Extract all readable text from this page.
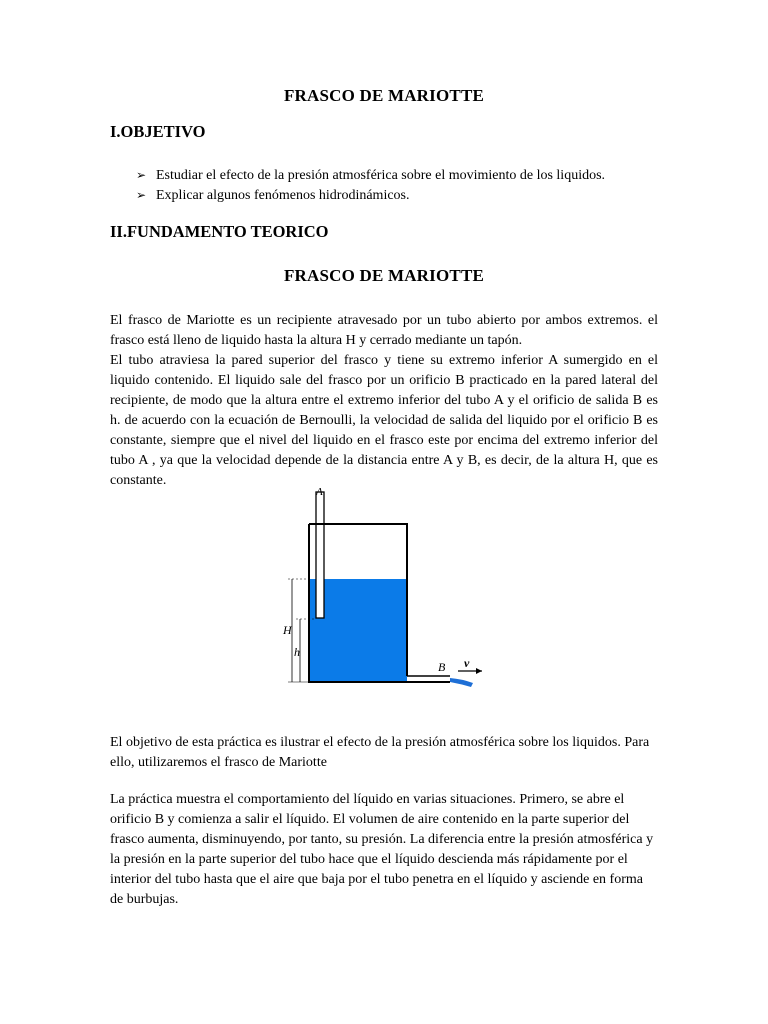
FRASCO DE MARIOTTE
I.OBJETIVO
➢ Estudiar el efecto de la presión atmosférica sobre el movimiento de los liquidos.
➢ Explicar algunos fenómenos hidrodinámicos.
II.FUNDAMENTO TEORICO
FRASCO DE MARIOTTE
El frasco de Mariotte es un recipiente atravesado por un tubo abierto por ambos extremos. el frasco está lleno de liquido hasta la altura H y cerrado mediante un tapón.
El tubo atraviesa la pared superior del frasco y tiene su extremo inferior A sumergido en el liquido contenido. El liquido sale del frasco por un orificio B practicado en la pared lateral del recipiente, de modo que la altura entre el extremo inferior del tubo A y el orificio de salida B es h. de acuerdo con la ecuación de Bernoulli, la velocidad de salida del liquido por el orificio B es constante, siempre que el nivel del liquido en el frasco este por encima del extremo inferior del tubo A , ya que la velocidad depende de la distancia entre A y B, es decir, de la altura H, que es constante.
A
H
h
B v
El objetivo de esta práctica es ilustrar el efecto de la presión atmosférica sobre los liquidos. Para ello, utilizaremos el frasco de Mariotte
La práctica muestra el comportamiento del líquido en varias situaciones. Primero, se abre el orificio B y comienza a salir el líquido. El volumen de aire contenido en la parte superior del frasco aumenta, disminuyendo, por tanto, su presión. La diferencia entre la presión atmosférica y la presión en la parte superior del tubo hace que el líquido descienda más rápidamente por el interior del tubo hasta que el aire que baja por el tubo penetra en el líquido y asciende en forma de burbujas.
